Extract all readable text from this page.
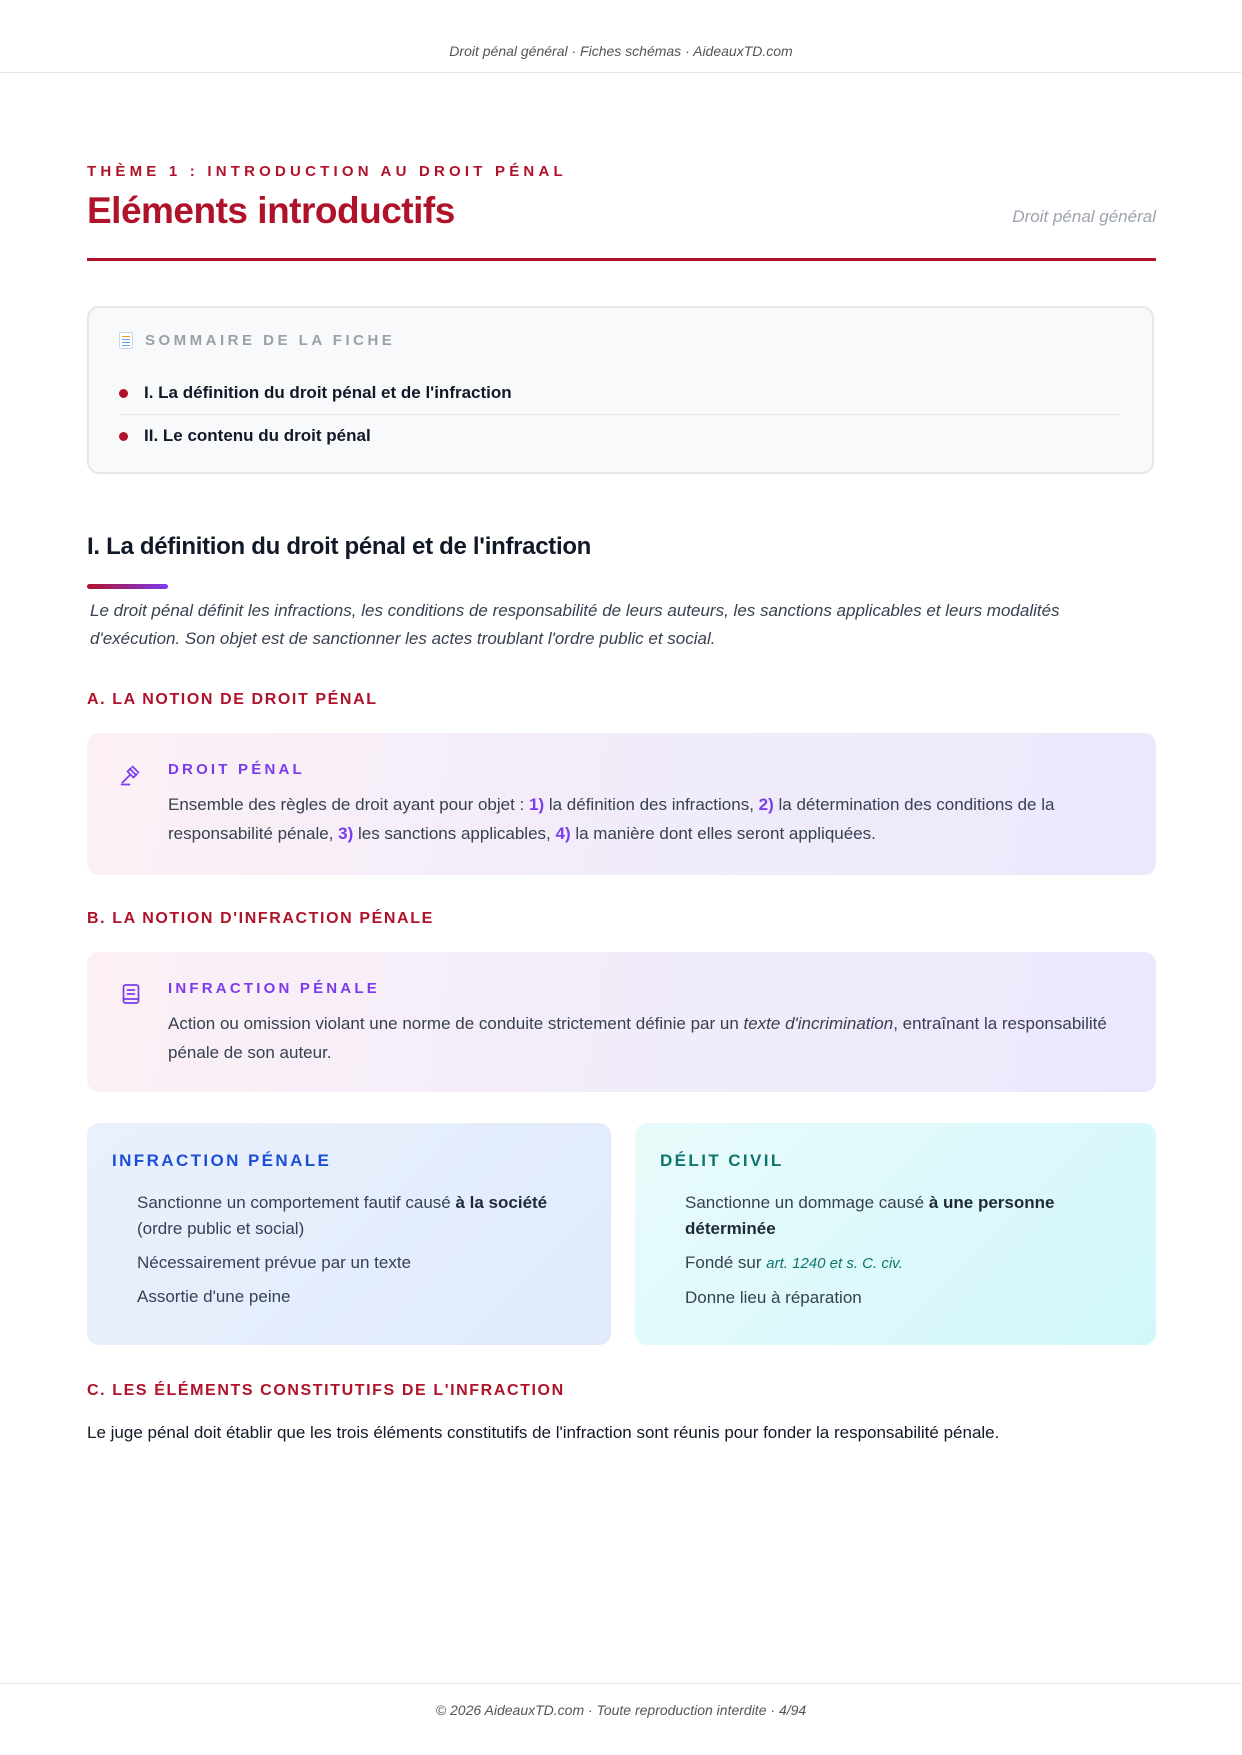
Droit pénal général · Fiches schémas · AideauxTD.com
THÈME 1 : INTRODUCTION AU DROIT PÉNAL
Eléments introductifs	Droit pénal général
SOMMAIRE DE LA FICHE
I. La définition du droit pénal et de l'infraction
II. Le contenu du droit pénal
I. La définition du droit pénal et de l'infraction

Le droit pénal définit les infractions, les conditions de responsabilité de leurs auteurs, les sanctions applicables et leurs modalités d'exécution. Son objet est de sanctionner les actes troublant l'ordre public et social.

A. LA NOTION DE DROIT PÉNAL
DROIT PÉNAL

Ensemble des règles de droit ayant pour objet : 1) la définition des infractions, 2) la détermination des conditions de la responsabilité pénale, 3) les sanctions applicables, 4) la manière dont elles seront appliquées.

B. LA NOTION D'INFRACTION PÉNALE
INFRACTION PÉNALE

Action ou omission violant une norme de conduite strictement définie par un texte d'incrimination, entraînant la responsabilité pénale de son auteur.

INFRACTION PÉNALE
Sanctionne un comportement fautif causé à la société (ordre public et social)
Nécessairement prévue par un texte
Assortie d'une peine
DÉLIT CIVIL
Sanctionne un dommage causé à une personne déterminée
Fondé sur art. 1240 et s. C. civ.
Donne lieu à réparation
C. LES ÉLÉMENTS CONSTITUTIFS DE L'INFRACTION

Le juge pénal doit établir que les trois éléments constitutifs de l'infraction sont réunis pour fonder la responsabilité pénale.

© 2026 AideauxTD.com · Toute reproduction interdite · 4/94
